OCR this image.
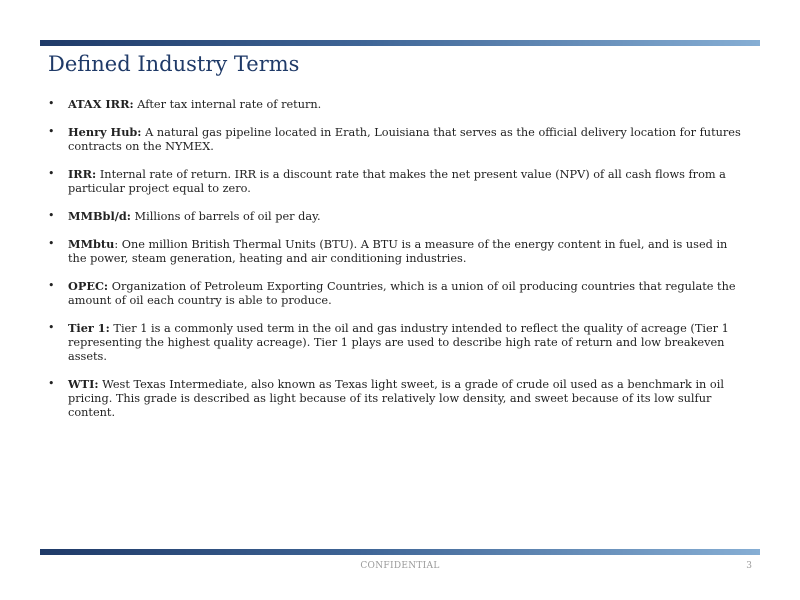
Defined Industry Terms
• ATAX IRR: After tax internal rate of return.
• Henry Hub: A natural gas pipeline located in Erath, Louisiana that serves as the official delivery location for futures contracts on the NYMEX.
• IRR: Internal rate of return. IRR is a discount rate that makes the net present value (NPV) of all cash flows from a particular project equal to zero.
• MMBbl/d: Millions of barrels of oil per day.
• MMbtu: One million British Thermal Units (BTU). A BTU is a measure of the energy content in fuel, and is used in the power, steam generation, heating and air conditioning industries.
• OPEC: Organization of Petroleum Exporting Countries, which is a union of oil producing countries that regulate the amount of oil each country is able to produce.
• Tier 1: Tier 1 is a commonly used term in the oil and gas industry intended to reflect the quality of acreage (Tier 1 representing the highest quality acreage). Tier 1 plays are used to describe high rate of return and low breakeven assets.
• WTI: West Texas Intermediate, also known as Texas light sweet, is a grade of crude oil used as a benchmark in oil pricing. This grade is described as light because of its relatively low density, and sweet because of its low sulfur content.
CONFIDENTIAL	3
